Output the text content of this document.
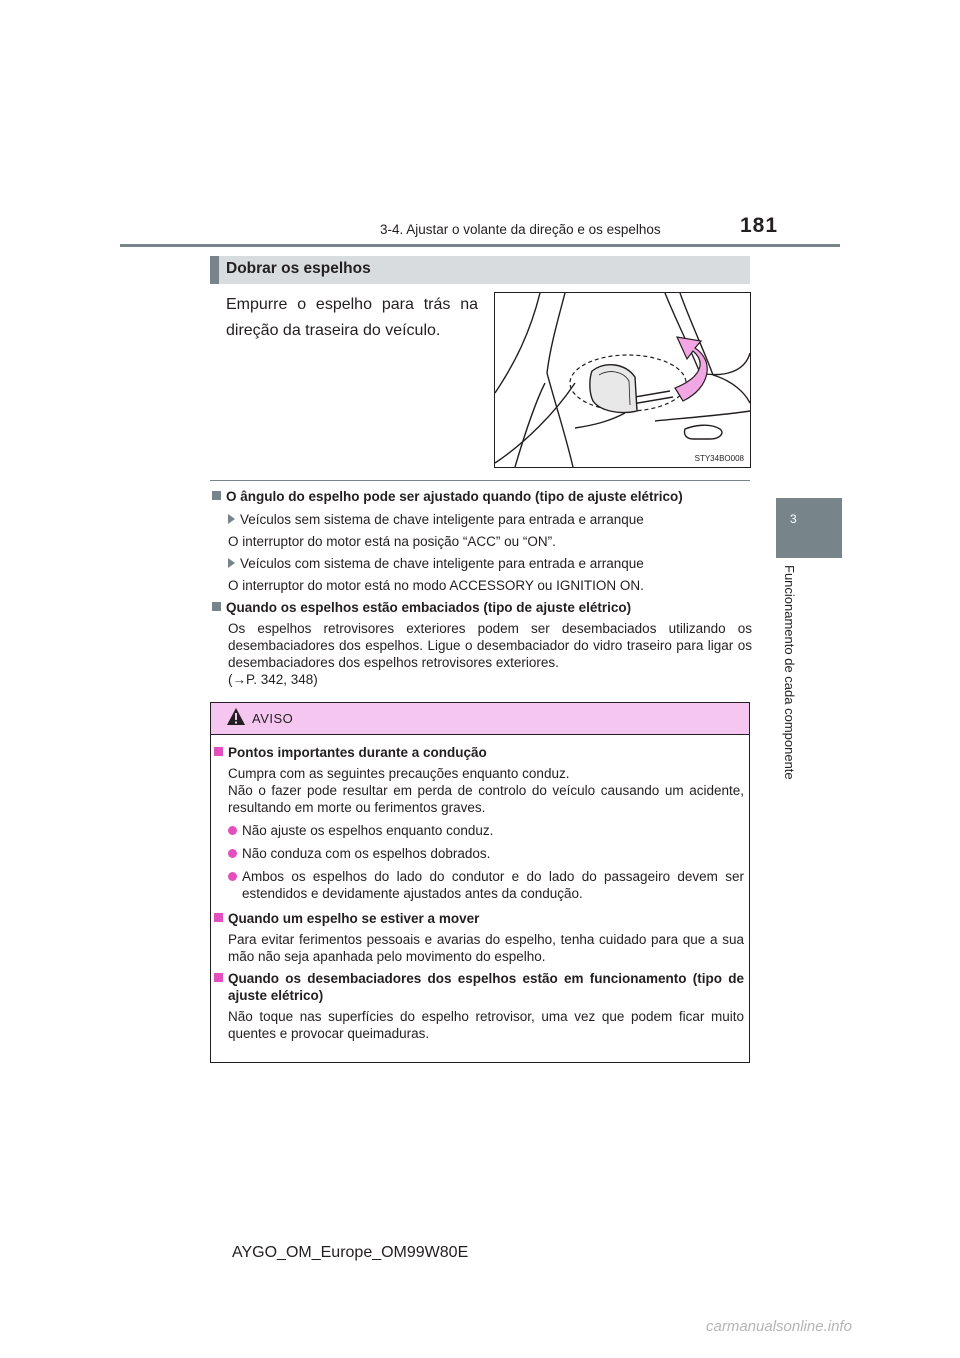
3-4. Ajustar o volante da direção e os espelhos	181
3
Funcionamento de cada componente
Dobrar os espelhos
Empurre o espelho para trás na direção da traseira do veículo.
STY34BO008
O ângulo do espelho pode ser ajustado quando (tipo de ajuste elétrico)
Veículos sem sistema de chave inteligente para entrada e arranque
O interruptor do motor está na posição “ACC” ou “ON”.
Veículos com sistema de chave inteligente para entrada e arranque
O interruptor do motor está no modo ACCESSORY ou IGNITION ON.
Quando os espelhos estão embaciados (tipo de ajuste elétrico)
Os espelhos retrovisores exteriores podem ser desembaciados utilizando os desembaciadores dos espelhos. Ligue o desembaciador do vidro traseiro para ligar os desembaciadores dos espelhos retrovisores exteriores.
(→P. 342, 348)
AVISO
Pontos importantes durante a condução
Cumpra com as seguintes precauções enquanto conduz.
Não o fazer pode resultar em perda de controlo do veículo causando um acidente, resultando em morte ou ferimentos graves.
Não ajuste os espelhos enquanto conduz.
Não conduza com os espelhos dobrados.
Ambos os espelhos do lado do condutor e do lado do passageiro devem ser estendidos e devidamente ajustados antes da condução.
Quando um espelho se estiver a mover
Para evitar ferimentos pessoais e avarias do espelho, tenha cuidado para que a sua mão não seja apanhada pelo movimento do espelho.
Quando os desembaciadores dos espelhos estão em funcionamento (tipo de ajuste elétrico)
Não toque nas superfícies do espelho retrovisor, uma vez que podem ficar muito quentes e provocar queimaduras.
AYGO_OM_Europe_OM99W80E
carmanualsonline.info
